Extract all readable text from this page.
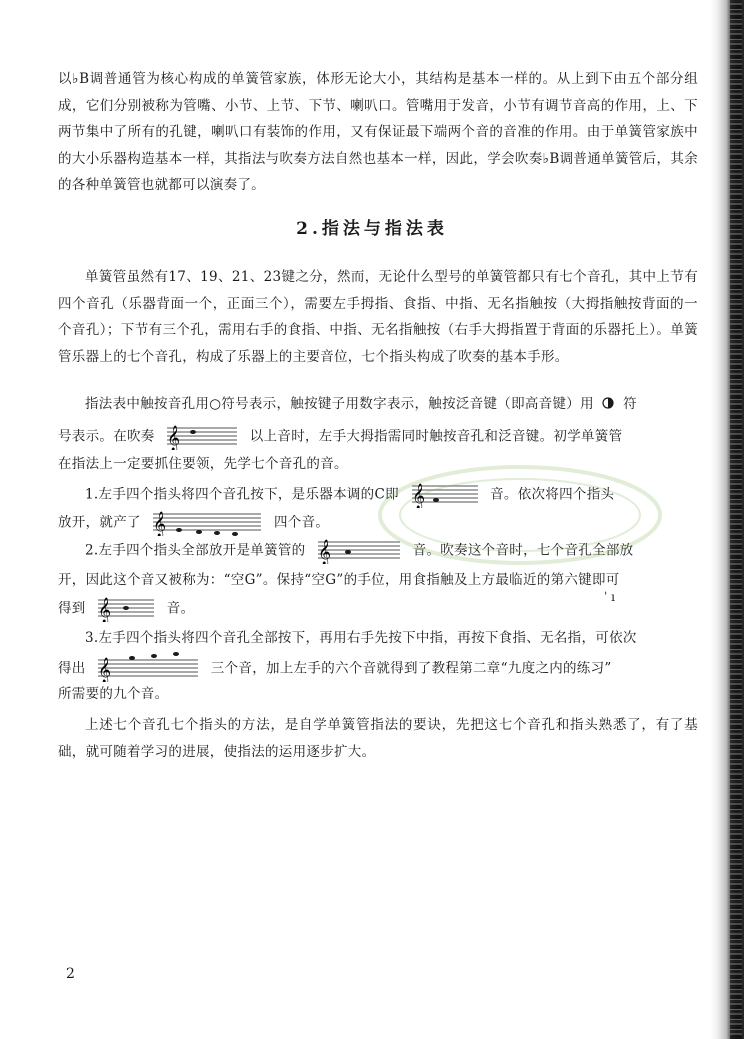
以♭B调普通管为核心构成的单簧管家族，体形无论大小，其结构是基本一样的。从上到下由五个部分组成，它们分别被称为管嘴、小节、上节、下节、喇叭口。管嘴用于发音，小节有调节音高的作用，上、下两节集中了所有的孔键，喇叭口有装饰的作用，又有保证最下端两个音的音准的作用。由于单簧管家族中的大小乐器构造基本一样，其指法与吹奏方法自然也基本一样，因此，学会吹奏♭B调普通单簧管后，其余的各种单簧管也就都可以演奏了。

2.指法与指法表

单簧管虽然有17、19、21、23键之分，然而，无论什么型号的单簧管都只有七个音孔，其中上节有四个音孔（乐器背面一个，正面三个），需要左手拇指、食指、中指、无名指触按（大拇指触按背面的一个音孔）；下节有三个孔，需用右手的食指、中指、无名指触按（右手大拇指置于背面的乐器托上）。单簧管乐器上的七个音孔，构成了乐器上的主要音位，七个指头构成了吹奏的基本手形。

指法表中触按音孔用○符号表示，触按键子用数字表示，触按泛音键（即高音键）用 符
号表示。在吹奏 𝄞	以上音时，左手大拇指需同时触按音孔和泛音键。初学单簧管
在指法上一定要抓住要领，先学七个音孔的音。
1.左手四个指头将四个音孔按下，是乐器本调的C即 𝄞	音。依次将四个指头
放开，就产了 𝄞	四个音。
2.左手四个指头全部放开是单簧管的 𝄞	音。吹奏这个音时，七个音孔全部放
开，因此这个音又被称为：“空G”。保持“空G”的手位，用食指触及上方最临近的第六键即可
得到 𝄞	音。
3.左手四个指头将四个音孔全部按下，再用右手先按下中指，再按下食指、无名指，可依次
得出 𝄞	三个音，加上左手的六个音就得到了教程第二章“九度之内的练习”
所需要的九个音。

上述七个音孔七个指头的方法，是自学单簧管指法的要诀，先把这七个音孔和指头熟悉了，有了基础，就可随着学习的进展，使指法的运用逐步扩大。

ˈ ı
2
